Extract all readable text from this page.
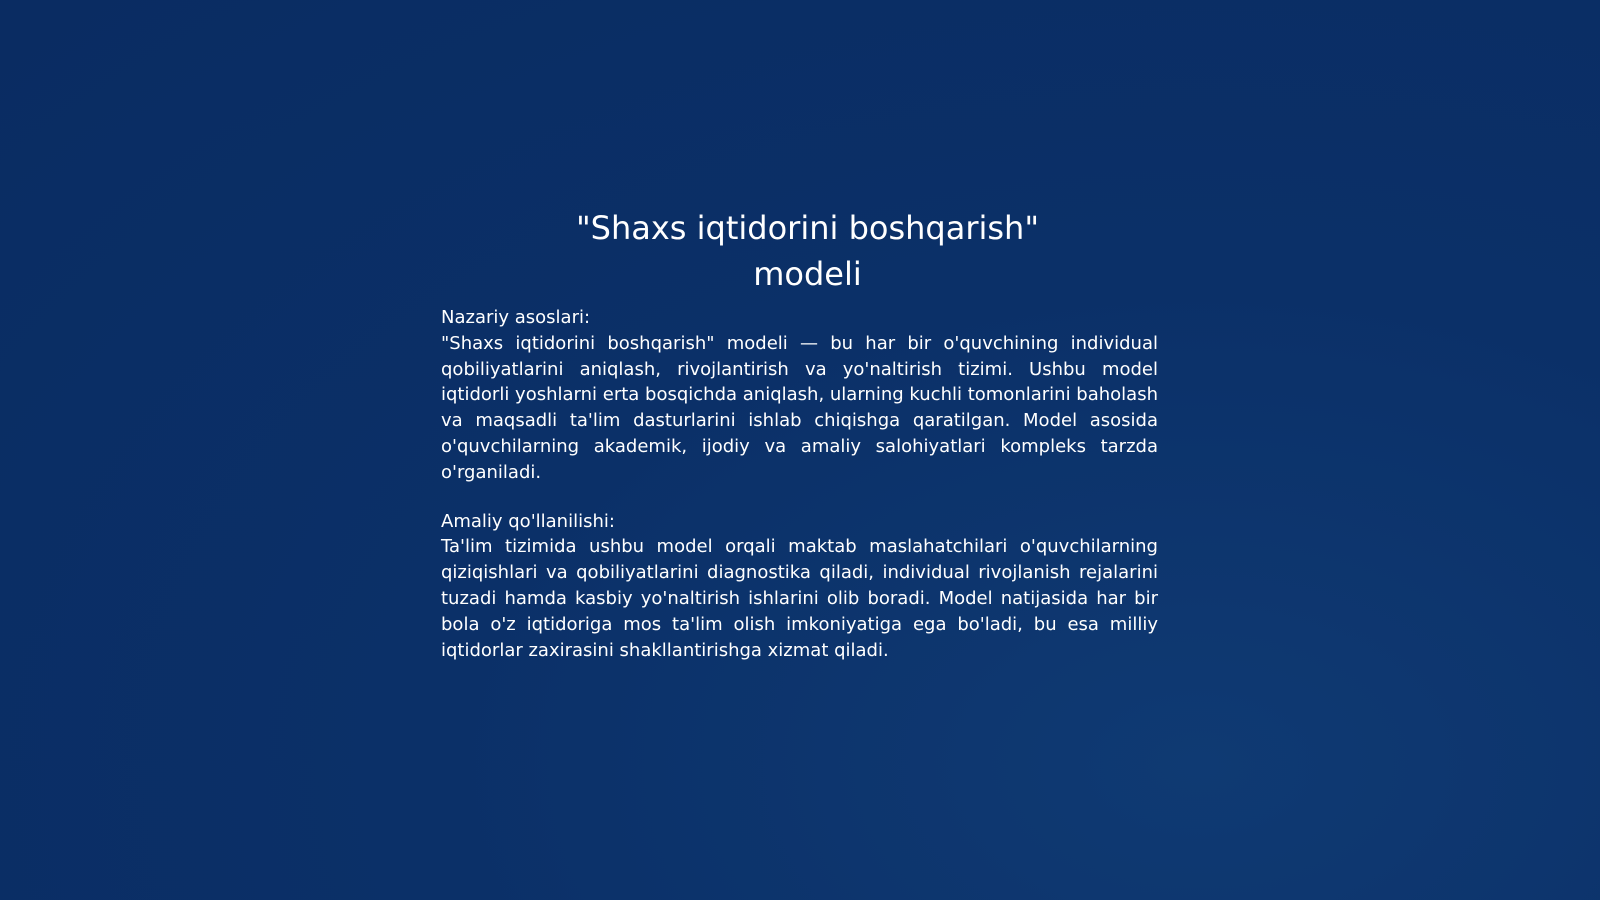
"Shaxs iqtidorini boshqarish"
modeli

Nazariy asoslari:

"Shaxs iqtidorini boshqarish" modeli — bu har bir o'quvchining individual qobiliyatlarini aniqlash, rivojlantirish va yo'naltirish tizimi. Ushbu model iqtidorli yoshlarni erta bosqichda aniqlash, ularning kuchli tomonlarini baholash va maqsadli ta'lim dasturlarini ishlab chiqishga qaratilgan. Model asosida o'quvchilarning akademik, ijodiy va amaliy salohiyatlari kompleks tarzda o'rganiladi.

Amaliy qo'llanilishi:

Ta'lim tizimida ushbu model orqali maktab maslahatchilari o'quvchilarning qiziqishlari va qobiliyatlarini diagnostika qiladi, individual rivojlanish rejalarini tuzadi hamda kasbiy yo'naltirish ishlarini olib boradi. Model natijasida har bir bola o'z iqtidoriga mos ta'lim olish imkoniyatiga ega bo'ladi, bu esa milliy iqtidorlar zaxirasini shakllantirishga xizmat qiladi.
